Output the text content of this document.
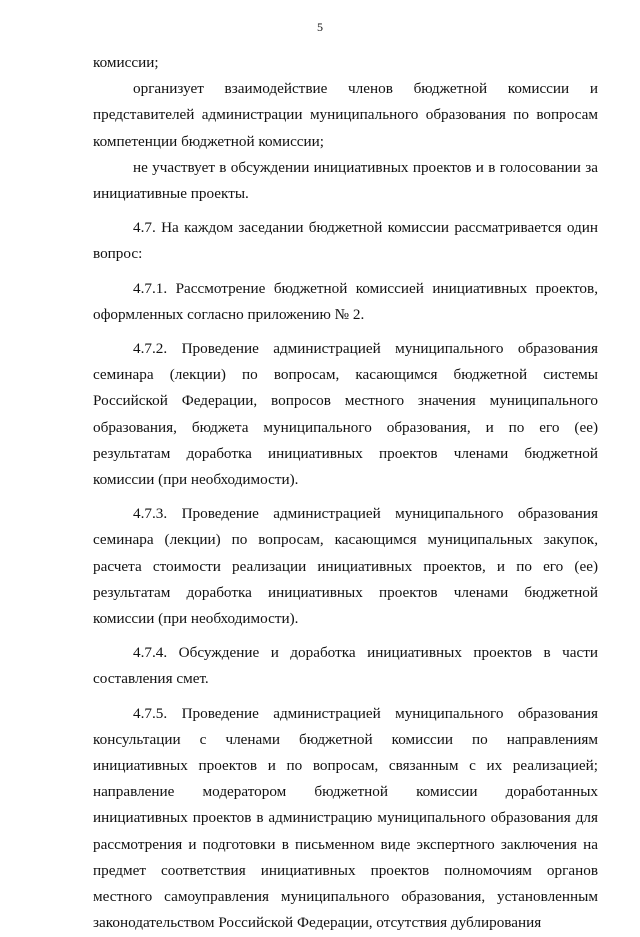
5

комиссии;

организует взаимодействие членов бюджетной комиссии и представителей администрации муниципального образования по вопросам компетенции бюджетной комиссии;

не участвует в обсуждении инициативных проектов и в голосовании за инициативные проекты.

4.7. На каждом заседании бюджетной комиссии рассматривается один вопрос:

4.7.1. Рассмотрение бюджетной комиссией инициативных проектов, оформленных согласно приложению № 2.

4.7.2. Проведение администрацией муниципального образования семинара (лекции) по вопросам, касающимся бюджетной системы Российской Федерации, вопросов местного значения муниципального образования, бюджета муниципального образования, и по его (ее) результатам доработка инициативных проектов членами бюджетной комиссии (при необходимости).

4.7.3. Проведение администрацией муниципального образования семинара (лекции) по вопросам, касающимся муниципальных закупок, расчета стоимости реализации инициативных проектов, и по его (ее) результатам доработка инициативных проектов членами бюджетной комиссии (при необходимости).

4.7.4. Обсуждение и доработка инициативных проектов в части составления смет.

4.7.5. Проведение администрацией муниципального образования консультации с членами бюджетной комиссии по направлениям инициативных проектов и по вопросам, связанным с их реализацией; направление модератором бюджетной комиссии доработанных инициативных проектов в администрацию муниципального образования для рассмотрения и подготовки в письменном виде экспертного заключения на предмет соответствия инициативных проектов полномочиям органов местного самоуправления муниципального образования, установленным законодательством Российской Федерации, отсутствия дублирования
